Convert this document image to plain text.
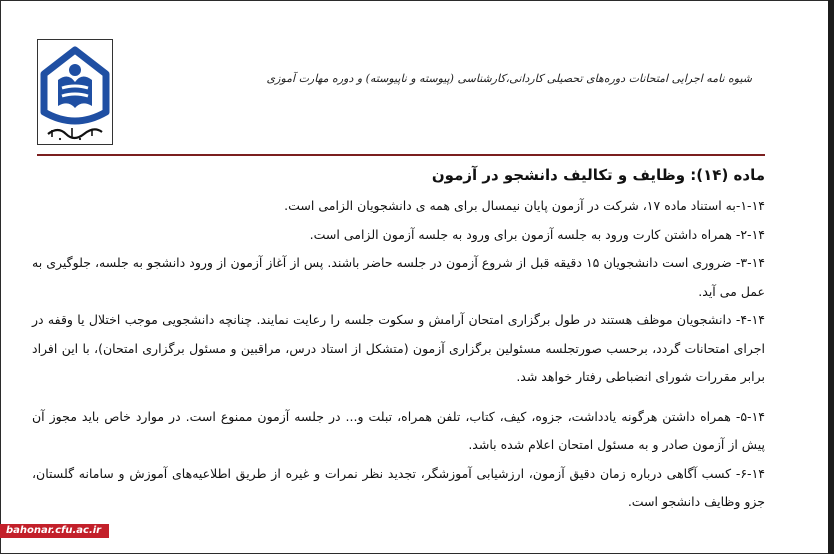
شیوه نامه اجرایی امتحانات دوره‌های تحصیلی کاردانی،کارشناسی (پیوسته و ناپیوسته) و دوره مهارت آموزی
ماده (۱۴): وظایف و تکالیف دانشجو در آزمون

۱-۱۴-به استناد ماده ۱۷، شرکت در آزمون پایان نیمسال برای همه ی دانشجویان الزامی است.

۲-۱۴- همراه داشتن کارت ورود به جلسه آزمون برای ورود به جلسه آزمون الزامی است.

۳-۱۴- ضروری است دانشجویان ۱۵ دقیقه قبل از شروع آزمون در جلسه حاضر باشند. پس از آغاز آزمون از ورود دانشجو به جلسه، جلوگیری به عمل می آید.

۴-۱۴- دانشجویان موظف هستند در طول برگزاری امتحان آرامش و سکوت جلسه را رعایت نمایند. چنانچه دانشجویی موجب اختلال یا وقفه در اجرای امتحانات گردد، برحسب صورتجلسه مسئولین برگزاری آزمون (متشکل از استاد درس، مراقبین و مسئول برگزاری امتحان)، با این افراد برابر مقررات شورای انضباطی رفتار خواهد شد.

۵-۱۴- همراه داشتن هرگونه یادداشت، جزوه، کیف، کتاب، تلفن همراه، تبلت و... در جلسه آزمون ممنوع است. در موارد خاص باید مجوز آن پیش از آزمون صادر و به مسئول امتحان اعلام شده باشد.

۶-۱۴- کسب آگاهی درباره زمان دقیق آزمون، ارزشیابی آموزشگر، تجدید نظر نمرات و غیره از طریق اطلاعیه‌های آموزش و سامانه گلستان، جزو وظایف دانشجو است.

bahonar.cfu.ac.ir
